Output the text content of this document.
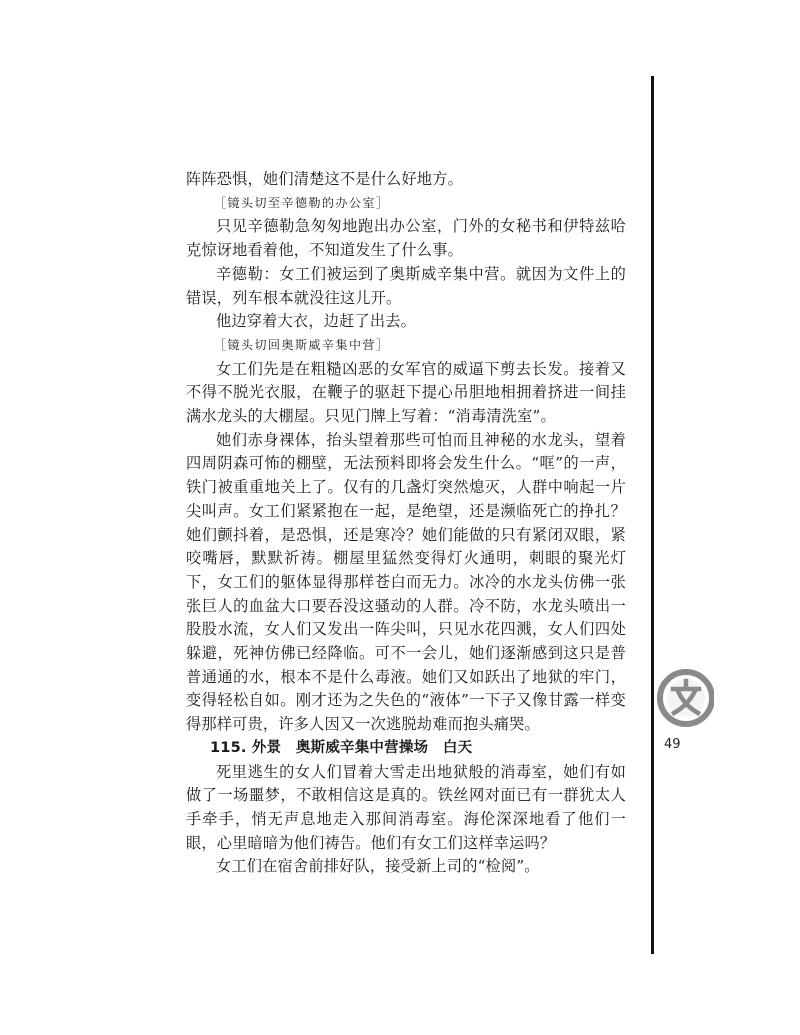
阵阵恐惧，她们清楚这不是什么好地方。

［镜头切至辛德勒的办公室］

只见辛德勒急匆匆地跑出办公室，门外的女秘书和伊特兹哈克惊讶地看着他，不知道发生了什么事。

辛德勒：女工们被运到了奥斯威辛集中营。就因为文件上的错误，列车根本就没往这儿开。

他边穿着大衣，边赶了出去。

［镜头切回奥斯威辛集中营］

女工们先是在粗糙凶恶的女军官的威逼下剪去长发。接着又不得不脱光衣服，在鞭子的驱赶下提心吊胆地相拥着挤进一间挂满水龙头的大棚屋。只见门牌上写着：“消毒清洗室”。

她们赤身裸体，抬头望着那些可怕而且神秘的水龙头，望着四周阴森可怖的棚壁，无法预料即将会发生什么。“哐”的一声，铁门被重重地关上了。仅有的几盏灯突然熄灭，人群中响起一片尖叫声。女工们紧紧抱在一起，是绝望，还是濒临死亡的挣扎？她们颤抖着，是恐惧，还是寒冷？她们能做的只有紧闭双眼，紧咬嘴唇，默默祈祷。棚屋里猛然变得灯火通明，刺眼的聚光灯下，女工们的躯体显得那样苍白而无力。冰冷的水龙头仿佛一张张巨人的血盆大口要吞没这骚动的人群。冷不防，水龙头喷出一股股水流，女人们又发出一阵尖叫，只见水花四溅，女人们四处躲避，死神仿佛已经降临。可不一会儿，她们逐渐感到这只是普普通通的水，根本不是什么毒液。她们又如跃出了地狱的牢门，变得轻松自如。刚才还为之失色的“液体”一下子又像甘露一样变得那样可贵，许多人因又一次逃脱劫难而抱头痛哭。

115. 外景　奥斯威辛集中营操场　白天

死里逃生的女人们冒着大雪走出地狱般的消毒室，她们有如做了一场噩梦，不敢相信这是真的。铁丝网对面已有一群犹太人手牵手，悄无声息地走入那间消毒室。海伦深深地看了他们一眼，心里暗暗为他们祷告。他们有女工们这样幸运吗？

女工们在宿舍前排好队，接受新上司的“检阅”。

49
